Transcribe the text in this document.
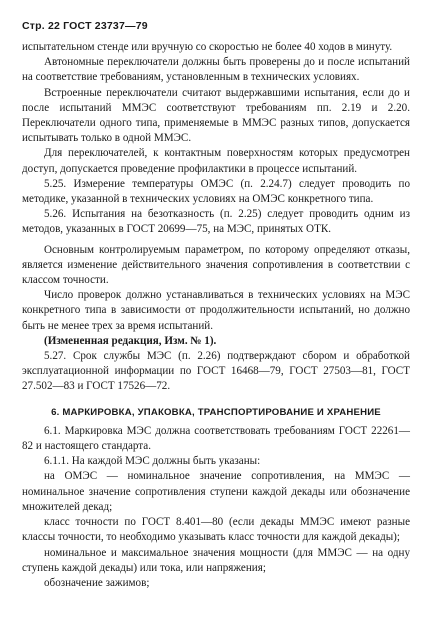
Стр. 22 ГОСТ 23737—79

испытательном стенде или вручную со скоростью не более 40 ходов в минуту.

Автономные переключатели должны быть проверены до и после испытаний на соответствие требованиям, установленным в технических условиях.

Встроенные переключатели считают выдержавшими испытания, если до и после испытаний ММЭС соответствуют требованиям пп. 2.19 и 2.20. Переключатели одного типа, применяемые в ММЭС разных типов, допускается испытывать только в одной ММЭС.

Для переключателей, к контактным поверхностям которых предусмотрен доступ, допускается проведение профилактики в процессе испытаний.

5.25. Измерение температуры ОМЭС (п. 2.24.7) следует проводить по методике, указанной в технических условиях на ОМЭС конкретного типа.

5.26. Испытания на безотказность (п. 2.25) следует проводить одним из методов, указанных в ГОСТ 20699—75, на МЭС, принятых ОТК.

Основным контролируемым параметром, по которому определяют отказы, является изменение действительного значения сопротивления в соответствии с классом точности.

Число проверок должно устанавливаться в технических условиях на МЭС конкретного типа в зависимости от продолжительности испытаний, но должно быть не менее трех за время испытаний.

(Измененная редакция, Изм. № 1).

5.27. Срок службы МЭС (п. 2.26) подтверждают сбором и обработкой эксплуатационной информации по ГОСТ 16468—79, ГОСТ 27503—81, ГОСТ 27.502—83 и ГОСТ 17526—72.

6. МАРКИРОВКА, УПАКОВКА, ТРАНСПОРТИРОВАНИЕ И ХРАНЕНИЕ

6.1. Маркировка МЭС должна соответствовать требованиям ГОСТ 22261—82 и настоящего стандарта.

6.1.1. На каждой МЭС должны быть указаны:

на ОМЭС — номинальное значение сопротивления, на ММЭС — номинальное значение сопротивления ступени каждой декады или обозначение множителей декад;

класс точности по ГОСТ 8.401—80 (если декады ММЭС имеют разные классы точности, то необходимо указывать класс точности для каждой декады);

номинальное и максимальное значения мощности (для ММЭС — на одну ступень каждой декады) или тока, или напряжения;

обозначение зажимов;
